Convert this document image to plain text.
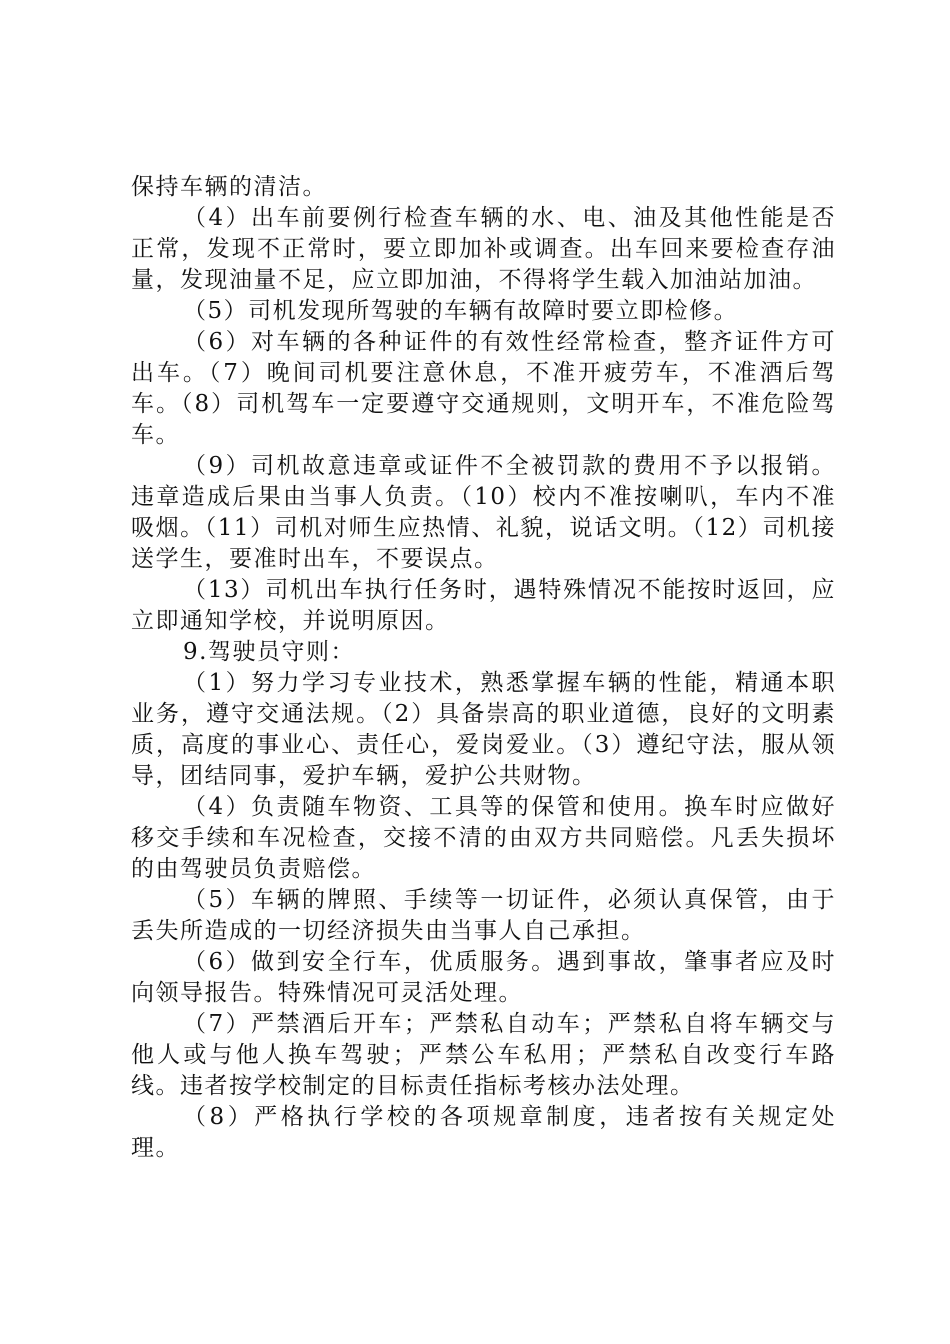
保持车辆的清洁。

（4）出车前要例行检查车辆的水、电、油及其他性能是否正常，发现不正常时，要立即加补或调查。出车回来要检查存油量，发现油量不足，应立即加油，不得将学生载入加油站加油。

（5）司机发现所驾驶的车辆有故障时要立即检修。

（6）对车辆的各种证件的有效性经常检查，整齐证件方可出车。（7）晚间司机要注意休息，不准开疲劳车，不准酒后驾车。（8）司机驾车一定要遵守交通规则，文明开车，不准危险驾车。

（9）司机故意违章或证件不全被罚款的费用不予以报销。违章造成后果由当事人负责。（10）校内不准按喇叭，车内不准吸烟。（11）司机对师生应热情、礼貌，说话文明。（12）司机接送学生，要准时出车，不要误点。

（13）司机出车执行任务时，遇特殊情况不能按时返回，应立即通知学校，并说明原因。

9.驾驶员守则：

（1）努力学习专业技术，熟悉掌握车辆的性能，精通本职业务，遵守交通法规。（2）具备崇高的职业道德，良好的文明素质，高度的事业心、责任心，爱岗爱业。（3）遵纪守法，服从领导，团结同事，爱护车辆，爱护公共财物。

（4）负责随车物资、工具等的保管和使用。换车时应做好移交手续和车况检查，交接不清的由双方共同赔偿。凡丢失损坏的由驾驶员负责赔偿。

（5）车辆的牌照、手续等一切证件，必须认真保管，由于丢失所造成的一切经济损失由当事人自己承担。

（6）做到安全行车，优质服务。遇到事故，肇事者应及时向领导报告。特殊情况可灵活处理。

（7）严禁酒后开车；严禁私自动车；严禁私自将车辆交与他人或与他人换车驾驶；严禁公车私用；严禁私自改变行车路线。违者按学校制定的目标责任指标考核办法处理。

（8）严格执行学校的各项规章制度，违者按有关规定处理。
